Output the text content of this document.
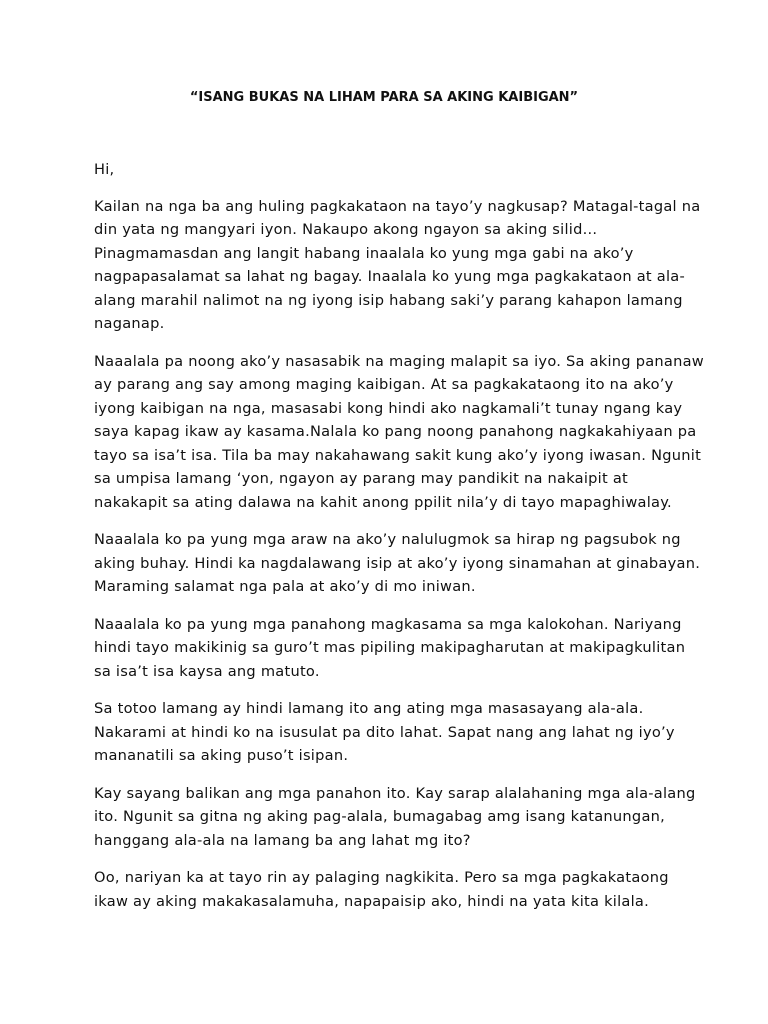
“ISANG BUKAS NA LIHAM PARA SA AKING KAIBIGAN”

Hi,

Kailan na nga ba ang huling pagkakataon na tayo’y nagkusap? Matagal-tagal na
din yata ng mangyari iyon. Nakaupo akong ngayon sa aking silid...
Pinagmamasdan ang langit habang inaalala ko yung mga gabi na ako’y
nagpapasalamat sa lahat ng bagay. Inaalala ko yung mga pagkakataon at ala-
alang marahil nalimot na ng iyong isip habang saki’y parang kahapon lamang
naganap.

Naaalala pa noong ako’y nasasabik na maging malapit sa iyo. Sa aking pananaw
ay parang ang say among maging kaibigan. At sa pagkakataong ito na ako’y
iyong kaibigan na nga, masasabi kong hindi ako nagkamali’t tunay ngang kay
saya kapag ikaw ay kasama.Nalala ko pang noong panahong nagkakahiyaan pa
tayo sa isa’t isa. Tila ba may nakahawang sakit kung ako’y iyong iwasan. Ngunit
sa umpisa lamang ‘yon, ngayon ay parang may pandikit na nakaipit at
nakakapit sa ating dalawa na kahit anong ppilit nila’y di tayo mapaghiwalay.

Naaalala ko pa yung mga araw na ako’y nalulugmok sa hirap ng pagsubok ng
aking buhay. Hindi ka nagdalawang isip at ako’y iyong sinamahan at ginabayan.
Maraming salamat nga pala at ako’y di mo iniwan.

Naaalala ko pa yung mga panahong magkasama sa mga kalokohan. Nariyang
hindi tayo makikinig sa guro’t mas pipiling makipagharutan at makipagkulitan
sa isa’t isa kaysa ang matuto.

Sa totoo lamang ay hindi lamang ito ang ating mga masasayang ala-ala.
Nakarami at hindi ko na isusulat pa dito lahat. Sapat nang ang lahat ng iyo’y
mananatili sa aking puso’t isipan.

Kay sayang balikan ang mga panahon ito. Kay sarap alalahaning mga ala-alang
ito. Ngunit sa gitna ng aking pag-alala, bumagabag amg isang katanungan,
hanggang ala-ala na lamang ba ang lahat mg ito?

Oo, nariyan ka at tayo rin ay palaging nagkikita. Pero sa mga pagkakataong
ikaw ay aking makakasalamuha, napapaisip ako, hindi na yata kita kilala.
